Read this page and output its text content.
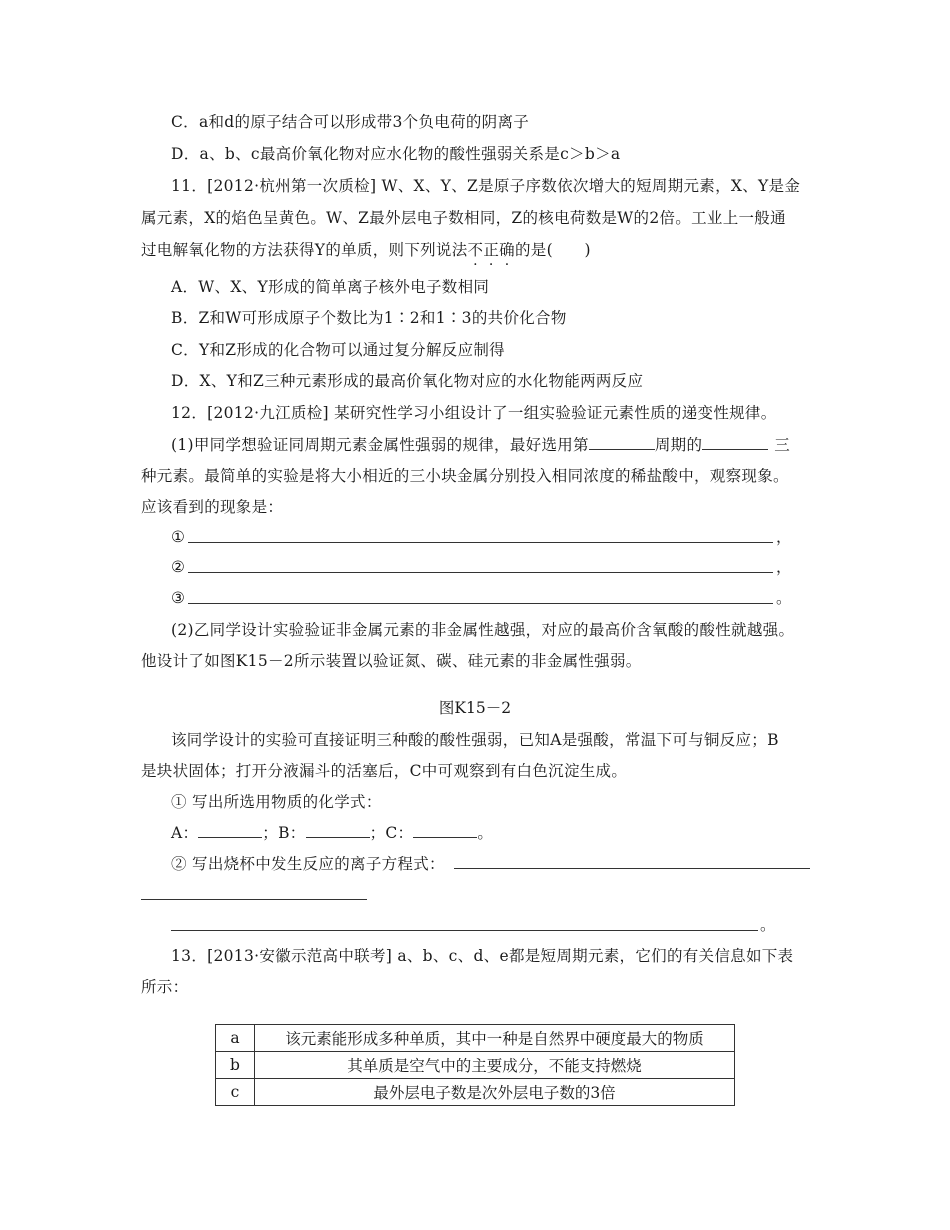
C．a和d的原子结合可以形成带3个负电荷的阴离子
D．a、b、c最高价氧化物对应水化物的酸性强弱关系是c＞b＞a
11．[2012·杭州第一次质检] W、X、Y、Z是原子序数依次增大的短周期元素，X、Y是金
属元素，X的焰色呈黄色。W、Z最外层电子数相同，Z的核电荷数是W的2倍。工业上一般通
过电解氧化物的方法获得Y的单质，则下列说法不正确的是(　　)
A．W、X、Y形成的简单离子核外电子数相同
B．Z和W可形成原子个数比为1∶2和1∶3的共价化合物
C．Y和Z形成的化合物可以通过复分解反应制得
D．X、Y和Z三种元素形成的最高价氧化物对应的水化物能两两反应
12．[2012·九江质检] 某研究性学习小组设计了一组实验验证元素性质的递变性规律。
(1)甲同学想验证同周期元素金属性强弱的规律，最好选用第	周期的	三
种元素。最简单的实验是将大小相近的三小块金属分别投入相同浓度的稀盐酸中，观察现象。
应该看到的现象是：
①	，
②	，
③	。
(2)乙同学设计实验验证非金属元素的非金属性越强，对应的最高价含氧酸的酸性就越强。
他设计了如图K15－2所示装置以验证氮、碳、硅元素的非金属性强弱。
图K15－2
该同学设计的实验可直接证明三种酸的酸性强弱，已知A是强酸，常温下可与铜反应；B
是块状固体；打开分液漏斗的活塞后，C中可观察到有白色沉淀生成。
① 写出所选用物质的化学式：
A：	；B：	；C：	。
② 写出烧杯中发生反应的离子方程式：
。
13．[2013·安徽示范高中联考] a、b、c、d、e都是短周期元素，它们的有关信息如下表
所示：
a	该元素能形成多种单质，其中一种是自然界中硬度最大的物质
b	其单质是空气中的主要成分，不能支持燃烧
c	最外层电子数是次外层电子数的3倍
